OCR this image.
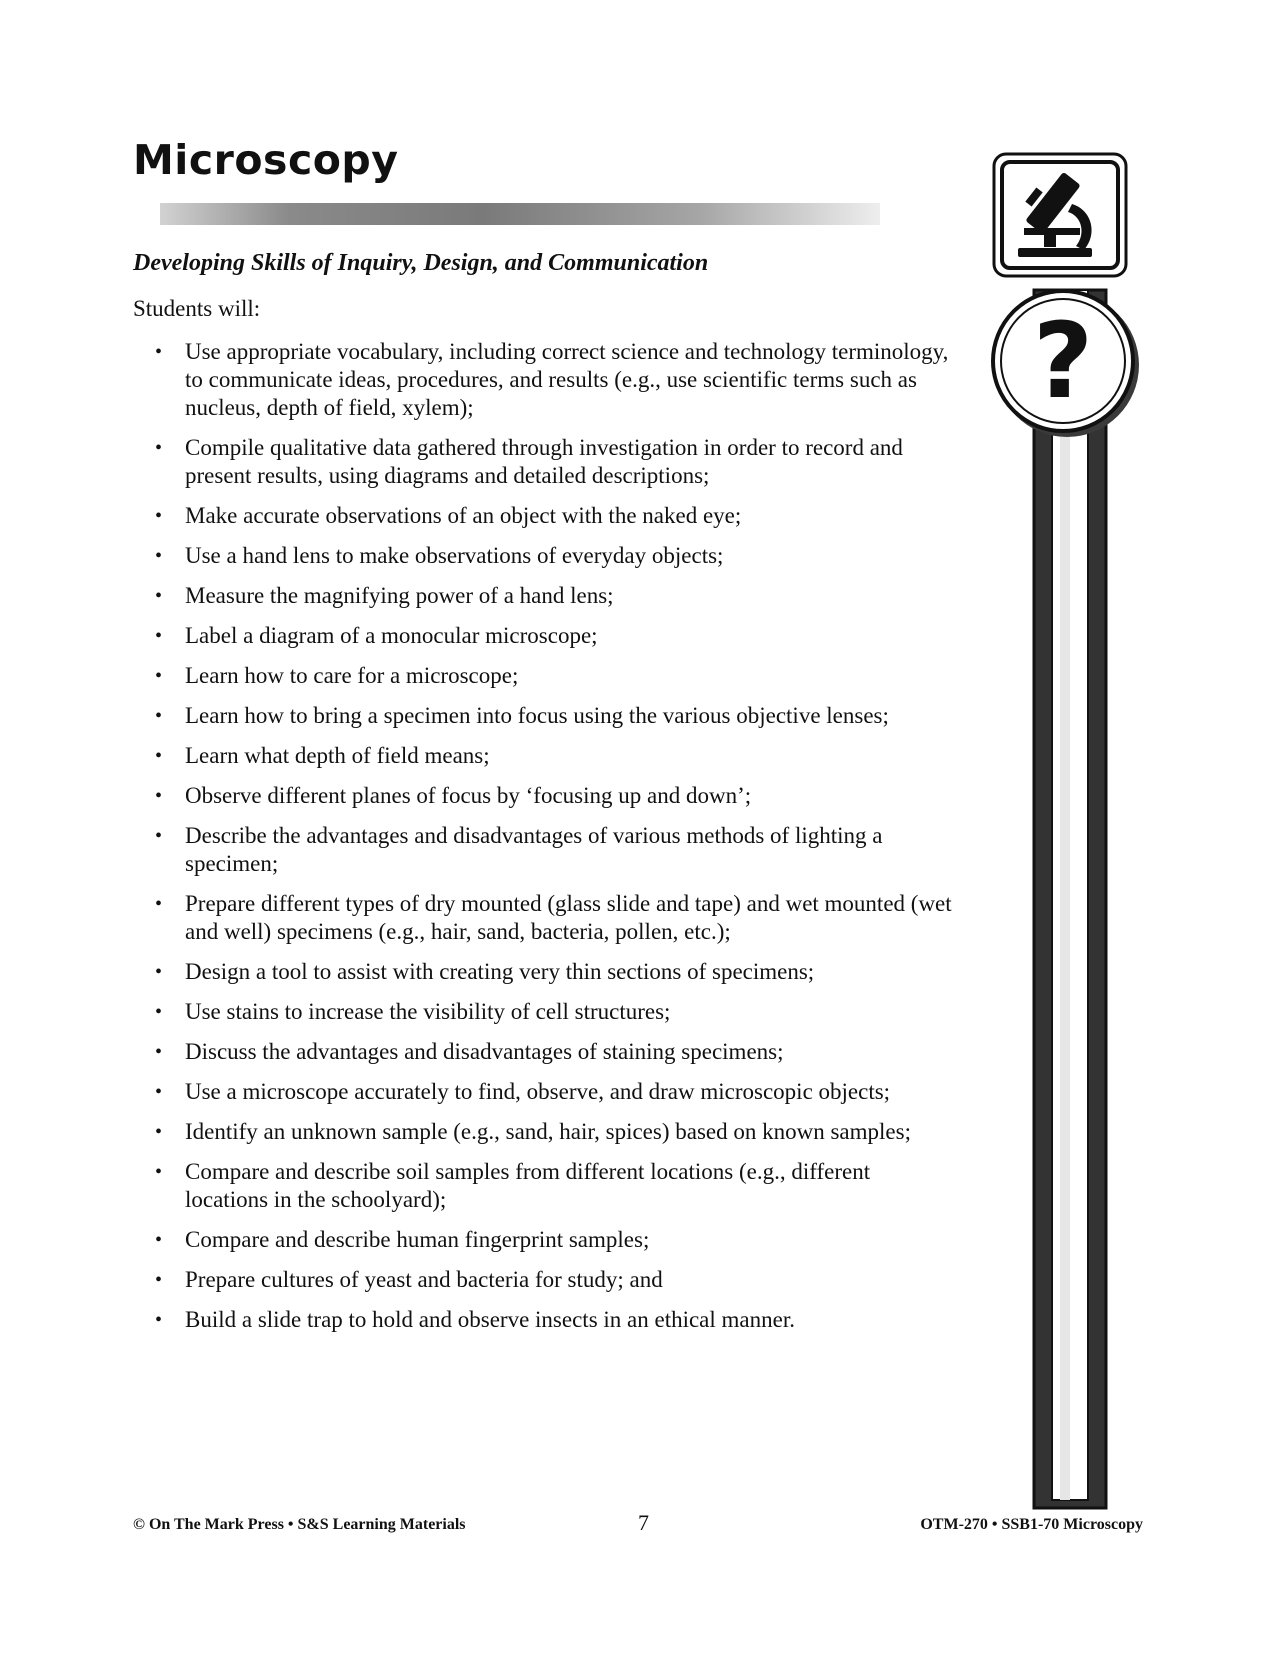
Microscopy
Developing Skills of Inquiry, Design, and Communication

Students will:

• Use appropriate vocabulary, including correct science and technology terminology, to communicate ideas, procedures, and results (e.g., use scientific terms such as nucleus, depth of field, xylem);
• Compile qualitative data gathered through investigation in order to record and present results, using diagrams and detailed descriptions;
• Make accurate observations of an object with the naked eye;
• Use a hand lens to make observations of everyday objects;
• Measure the magnifying power of a hand lens;
• Label a diagram of a monocular microscope;
• Learn how to care for a microscope;
• Learn how to bring a specimen into focus using the various objective lenses;
• Learn what depth of field means;
• Observe different planes of focus by ‘focusing up and down’;
• Describe the advantages and disadvantages of various methods of lighting a specimen;
• Prepare different types of dry mounted (glass slide and tape) and wet mounted (wet and well) specimens (e.g., hair, sand, bacteria, pollen, etc.);
• Design a tool to assist with creating very thin sections of specimens;
• Use stains to increase the visibility of cell structures;
• Discuss the advantages and disadvantages of staining specimens;
• Use a microscope accurately to find, observe, and draw microscopic objects;
• Identify an unknown sample (e.g., sand, hair, spices) based on known samples;
• Compare and describe soil samples from different locations (e.g., different locations in the schoolyard);
• Compare and describe human fingerprint samples;
• Prepare cultures of yeast and bacteria for study; and
• Build a slide trap to hold and observe insects in an ethical manner.
?
© On The Mark Press • S&S Learning Materials	7	OTM-270 • SSB1-70 Microscopy
